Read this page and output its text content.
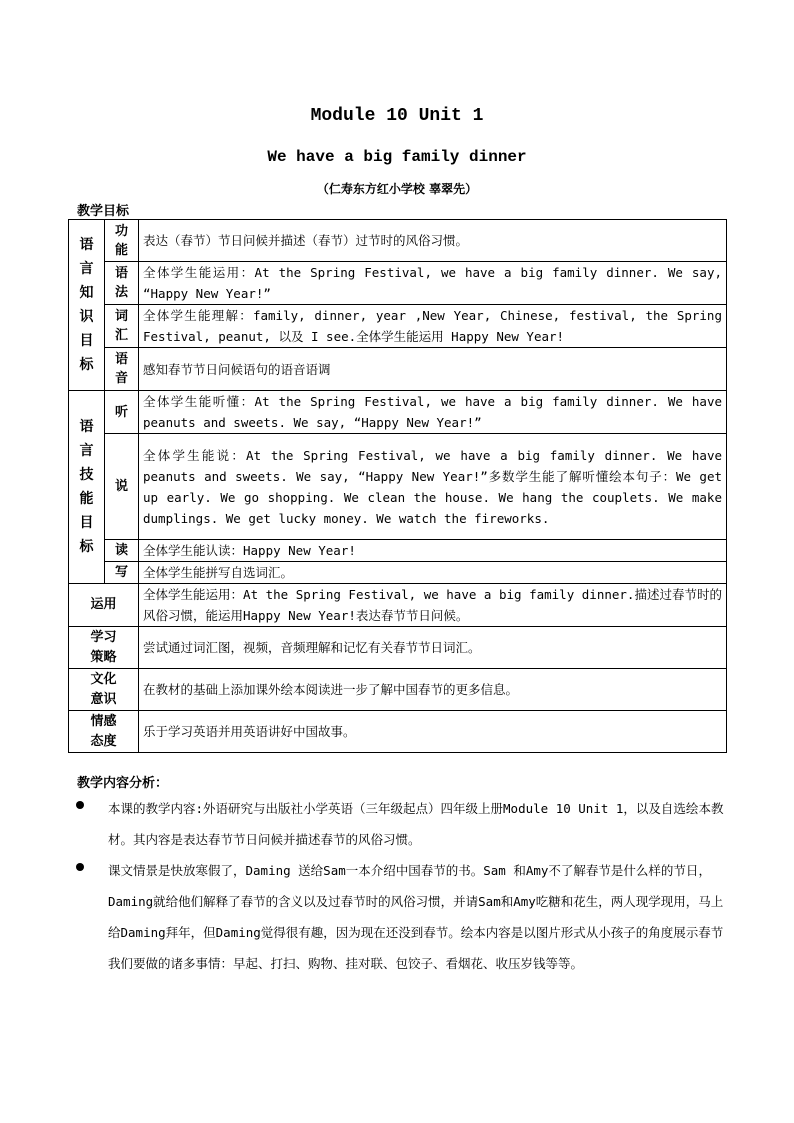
Module 10 Unit 1
We have a big family dinner
（仁寿东方红小学校 辜翠先）
教学目标
语言知识目标	功能	表达（春节）节日问候并描述（春节）过节时的风俗习惯。
	语法	全体学生能运用：At the Spring Festival, we have a big family dinner. We say, “Happy New Year!”
	词汇	全体学生能理解：family, dinner, year ,New Year, Chinese, festival, the Spring Festival, peanut, 以及 I see.全体学生能运用 Happy New Year!
	语音	感知春节节日问候语句的语音语调
语言技能目标	听	全体学生能听懂：At the Spring Festival, we have a big family dinner. We have peanuts and sweets. We say, “Happy New Year!”
	说	全体学生能说：At the Spring Festival, we have a big family dinner. We have peanuts and sweets. We say, “Happy New Year!”多数学生能了解听懂绘本句子：We get up early. We go shopping. We clean the house. We hang the couplets. We make dumplings. We get lucky money. We watch the fireworks.
	读	全体学生能认读：Happy New Year!
	写	全体学生能拼写自选词汇。
运用		全体学生能运用：At the Spring Festival, we have a big family dinner.描述过春节时的风俗习惯，能运用Happy New Year!表达春节节日问候。
学习策略		尝试通过词汇图，视频，音频理解和记忆有关春节节日词汇。
文化意识		在教材的基础上添加课外绘本阅读进一步了解中国春节的更多信息。
情感态度		乐于学习英语并用英语讲好中国故事。
教学内容分析：
本课的教学内容:外语研究与出版社小学英语（三年级起点）四年级上册Module 10 Unit 1，以及自选绘本教材。其内容是表达春节节日问候并描述春节的风俗习惯。
课文情景是快放寒假了，Daming 送给Sam一本介绍中国春节的书。Sam 和Amy不了解春节是什么样的节日，Daming就给他们解释了春节的含义以及过春节时的风俗习惯，并请Sam和Amy吃糖和花生，两人现学现用，马上给Daming拜年，但Daming觉得很有趣，因为现在还没到春节。绘本内容是以图片形式从小孩子的角度展示春节我们要做的诸多事情：早起、打扫、购物、挂对联、包饺子、看烟花、收压岁钱等等。
